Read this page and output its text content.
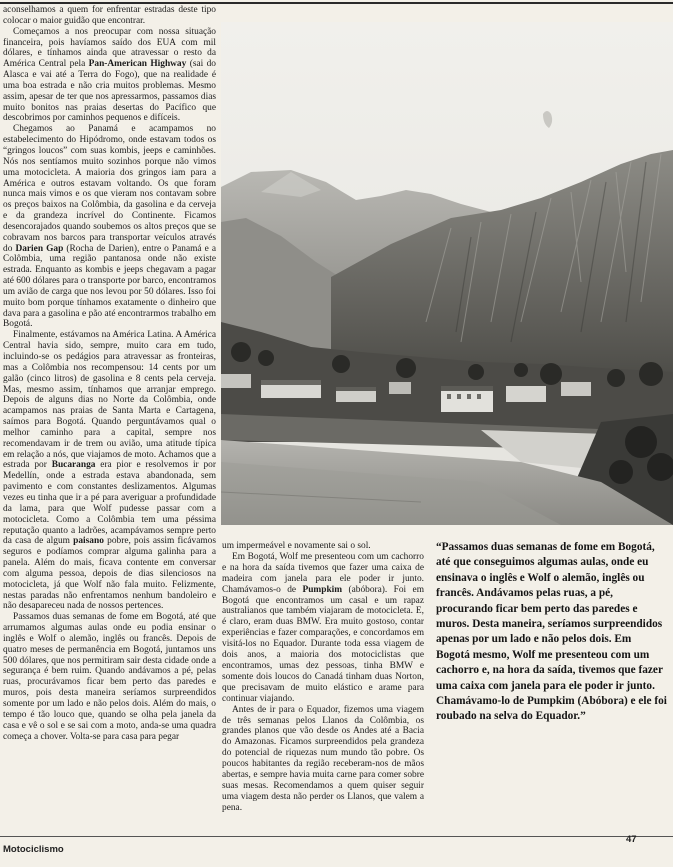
aconselhamos a quem for enfrentar estradas deste tipo colocar o maior guidão que encontrar.

Começamos a nos preocupar com nossa situação financeira, pois havíamos saído dos EUA com mil dólares, e tínhamos ainda que atravessar o resto da América Central pela Pan-American Highway (sai do Alasca e vai até a Terra do Fogo), que na realidade é uma boa estrada e não cria muitos problemas. Mesmo assim, apesar de ter que nos apressarmos, passamos dias muito bonitos nas praias desertas do Pacífico que descobrimos por caminhos pequenos e difíceis.

Chegamos ao Panamá e acampamos no estabelecimento do Hipódromo, onde estavam todos os “gringos loucos” com suas kombis, jeeps e caminhões. Nós nos sentíamos muito sozinhos porque não vimos uma motocicleta. A maioria dos gringos iam para a América e outros estavam voltando. Os que foram nunca mais vimos e os que vieram nos contavam sobre os preços baixos na Colômbia, da gasolina e da cerveja e da grandeza incrível do Continente. Ficamos desencorajados quando soubemos os altos preços que se cobravam nos barcos para transportar veículos através do Darien Gap (Rocha de Darien), entre o Panamá e a Colômbia, uma região pantanosa onde não existe estrada. Enquanto as kombis e jeeps chegavam a pagar até 600 dólares para o transporte por barco, encontramos um avião de carga que nos levou por 50 dólares. Isso foi muito bom porque tínhamos exatamente o dinheiro que dava para a gasolina e pão até encontrarmos trabalho em Bogotá.

Finalmente, estávamos na América Latina. A América Central havia sido, sempre, muito cara em tudo, incluindo-se os pedágios para atravessar as fronteiras, mas a Colômbia nos recompensou: 14 cents por um galão (cinco litros) de gasolina e 8 cents pela cerveja. Mas, mesmo assim, tínhamos que arranjar emprego. Depois de alguns dias no Norte da Colômbia, onde acampamos nas praias de Santa Marta e Cartagena, saímos para Bogotá. Quando perguntávamos qual o melhor caminho para a capital, sempre nos recomendavam ir de trem ou avião, uma atitude típica em relação a nós, que viajamos de moto. Achamos que a estrada por Bucaranga era pior e resolvemos ir por Medellín, onde a estrada estava abandonada, sem pavimento e com constantes deslizamentos. Algumas vezes eu tinha que ir a pé para averiguar a profundidade da lama, para que Wolf pudesse passar com a motocicleta. Como a Colômbia tem uma péssima reputação quanto a ladrões, acampávamos sempre perto da casa de algum paisano pobre, pois assim ficávamos seguros e podíamos comprar alguma galinha para a panela. Além do mais, ficava contente em conversar com alguma pessoa, depois de dias silenciosos na motocicleta, já que Wolf não fala muito. Felizmente, nestas paradas não enfrentamos nenhum bandoleiro e não desapareceu nada de nossos pertences.

Passamos duas semanas de fome em Bogotá, até que arrumamos algumas aulas onde eu podia ensinar o inglês e Wolf o alemão, inglês ou francês. Depois de quatro meses de permanência em Bogotá, juntamos uns 500 dólares, que nos permitiram sair desta cidade onde a segurança é bem ruim. Quando andávamos a pé, pelas ruas, procurávamos ficar bem perto das paredes e muros, pois desta maneira seríamos surpreendidos somente por um lado e não pelos dois. Além do mais, o tempo é tão louco que, quando se olha pela janela da casa e vê o sol e se sai com a moto, anda-se uma quadra começa a chover. Volta-se para casa para pegar

um impermeável e novamente sai o sol.

Em Bogotá, Wolf me presenteou com um cachorro e na hora da saída tivemos que fazer uma caixa de madeira com janela para ele poder ir junto. Chamávamos-o de Pumpkim (abóbora). Foi em Bogotá que encontramos um casal e um rapaz australianos que também viajaram de motocicleta. E, é claro, eram duas BMW. Era muito gostoso, contar experiências e fazer comparações, e concordamos em visitá-los no Equador. Durante toda essa viagem de dois anos, a maioria dos motociclistas que encontramos, umas dez pessoas, tinha BMW e somente dois loucos do Canadá tinham duas Norton, que precisavam de muito elástico e arame para continuar viajando.

Antes de ir para o Equador, fizemos uma viagem de três semanas pelos Llanos da Colômbia, os grandes planos que vão desde os Andes até a Bacia do Amazonas. Ficamos surpreendidos pela grandeza do potencial de riquezas num mundo tão pobre. Os poucos habitantes da região receberam-nos de mãos abertas, e sempre havia muita carne para comer sobre suas mesas. Recomendamos a quem quiser seguir uma viagem desta não perder os Llanos, que valem a pena.

“Passamos duas semanas de fome em Bogotá, até que conseguimos algumas aulas, onde eu ensinava o inglês e Wolf o alemão, inglês ou francês. Andávamos pelas ruas, a pé, procurando ficar bem perto das paredes e muros. Desta maneira, seríamos surpreendidos apenas por um lado e não pelos dois. Em Bogotá mesmo, Wolf me presenteou com um cachorro e, na hora da saída, tivemos que fazer uma caixa com janela para ele poder ir junto. Chamávamo-lo de Pumpkim (Abóbora) e ele foi roubado na selva do Equador.”

Motociclismo
47
